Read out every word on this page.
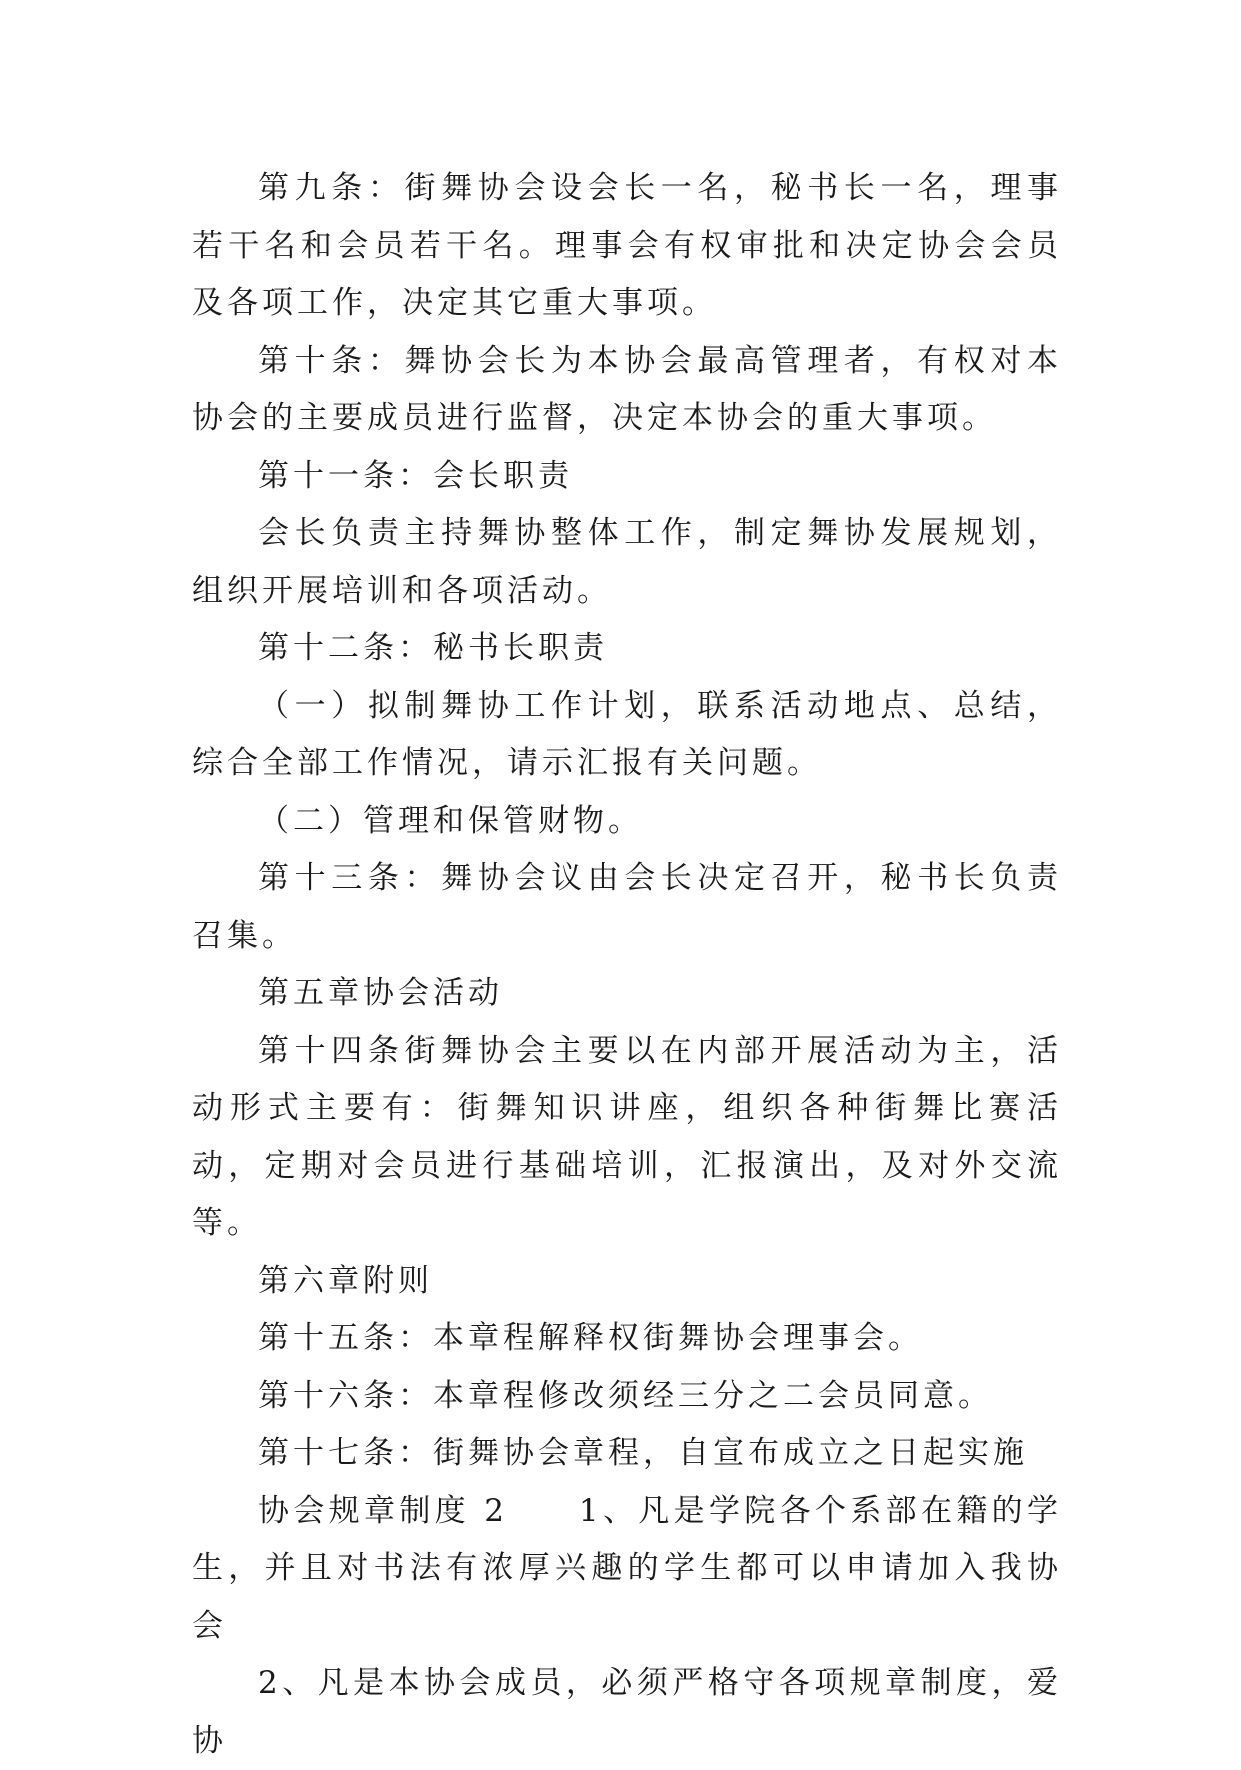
第九条：街舞协会设会长一名，秘书长一名，理事若干名和会员若干名。理事会有权审批和决定协会会员及各项工作，决定其它重大事项。

第十条：舞协会长为本协会最高管理者，有权对本协会的主要成员进行监督，决定本协会的重大事项。

第十一条：会长职责

会长负责主持舞协整体工作，制定舞协发展规划，组织开展培训和各项活动。

第十二条：秘书长职责

（一）拟制舞协工作计划，联系活动地点、总结，综合全部工作情况，请示汇报有关问题。

（二）管理和保管财物。

第十三条：舞协会议由会长决定召开，秘书长负责召集。

第五章协会活动

第十四条街舞协会主要以在内部开展活动为主，活动形式主要有：街舞知识讲座，组织各种街舞比赛活动，定期对会员进行基础培训，汇报演出，及对外交流等。

第六章附则

第十五条：本章程解释权街舞协会理事会。

第十六条：本章程修改须经三分之二会员同意。

第十七条：街舞协会章程，自宣布成立之日起实施

协会规章制度 2　　1、凡是学院各个系部在籍的学生，并且对书法有浓厚兴趣的学生都可以申请加入我协会

2、凡是本协会成员，必须严格守各项规章制度，爱协
